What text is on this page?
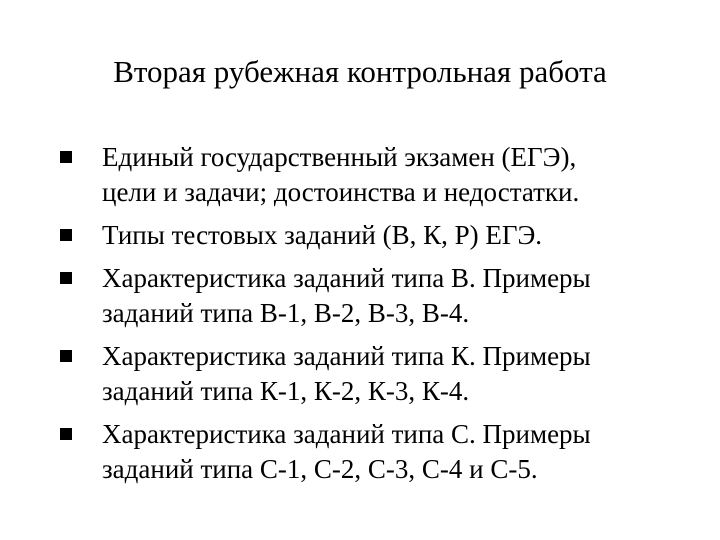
Вторая рубежная контрольная работа
Единый государственный экзамен (ЕГЭ),
цели и задачи; достоинства и недостатки.
Типы тестовых заданий (В, К, Р) ЕГЭ.
Характеристика заданий типа В. Примеры
заданий типа В-1, В-2, В-3, В-4.
Характеристика заданий типа К. Примеры
заданий типа К-1, К-2, К-3, К-4.
Характеристика заданий типа С. Примеры
заданий типа С-1, С-2, С-3, С-4 и С-5.
